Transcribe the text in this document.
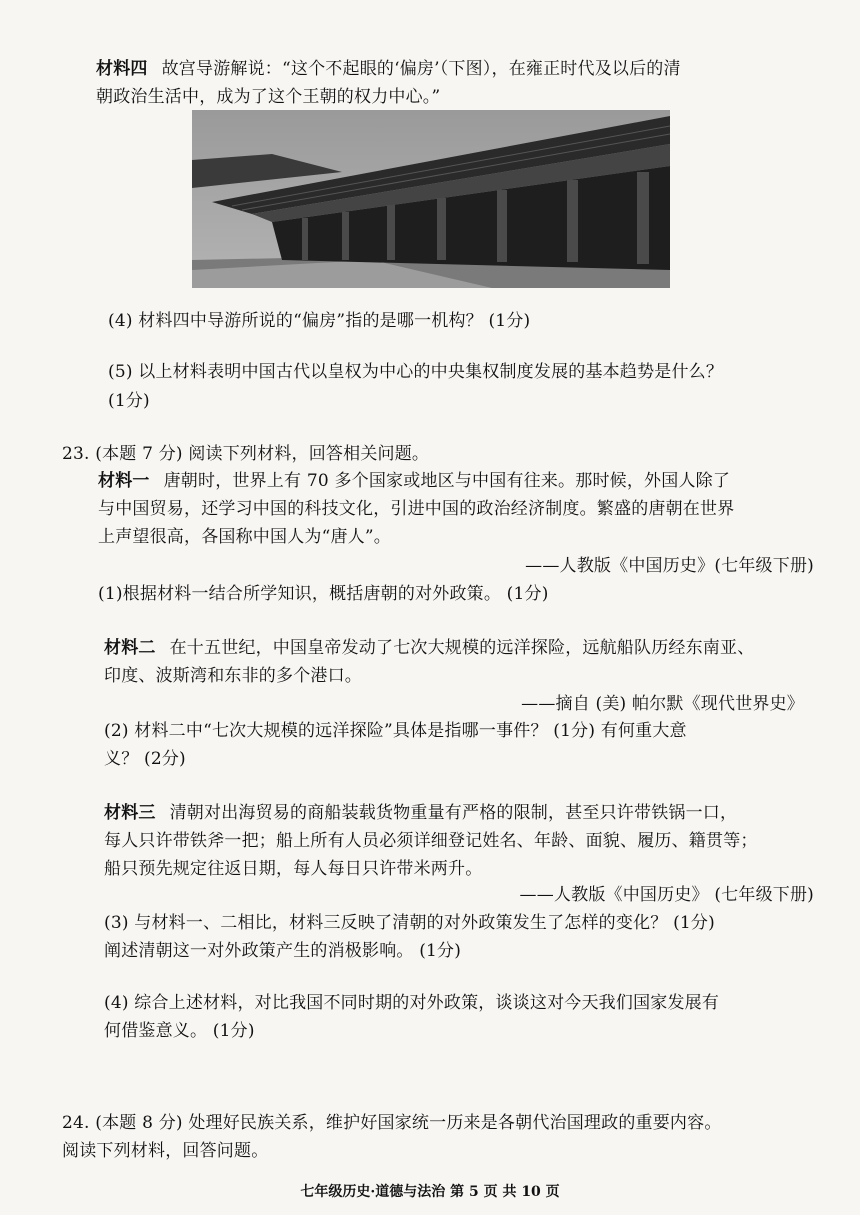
材料四 故宫导游解说：“这个不起眼的‘偏房’（下图），在雍正时代及以后的清
朝政治生活中，成为了这个王朝的权力中心。”
(4) 材料四中导游所说的“偏房”指的是哪一机构？ (1分)
(5) 以上材料表明中国古代以皇权为中心的中央集权制度发展的基本趋势是什么？
(1分)
23. (本题 7 分) 阅读下列材料，回答相关问题。
材料一 唐朝时，世界上有 70 多个国家或地区与中国有往来。那时候，外国人除了
与中国贸易，还学习中国的科技文化，引进中国的政治经济制度。繁盛的唐朝在世界
上声望很高，各国称中国人为“唐人”。
——人教版《中国历史》(七年级下册)
(1)根据材料一结合所学知识，概括唐朝的对外政策。 (1分)
材料二 在十五世纪，中国皇帝发动了七次大规模的远洋探险，远航船队历经东南亚、
印度、波斯湾和东非的多个港口。
——摘自 (美) 帕尔默《现代世界史》
(2) 材料二中“七次大规模的远洋探险”具体是指哪一事件？ (1分) 有何重大意
义？ (2分)
材料三 清朝对出海贸易的商船装载货物重量有严格的限制，甚至只许带铁锅一口，
每人只许带铁斧一把；船上所有人员必须详细登记姓名、年龄、面貌、履历、籍贯等；
船只预先规定往返日期，每人每日只许带米两升。
——人教版《中国历史》 (七年级下册)
(3) 与材料一、二相比，材料三反映了清朝的对外政策发生了怎样的变化？ (1分)
阐述清朝这一对外政策产生的消极影响。 (1分)
(4) 综合上述材料，对比我国不同时期的对外政策，谈谈这对今天我们国家发展有
何借鉴意义。 (1分)
24. (本题 8 分) 处理好民族关系，维护好国家统一历来是各朝代治国理政的重要内容。
阅读下列材料，回答问题。
七年级历史·道德与法治 第 5 页 共 10 页
